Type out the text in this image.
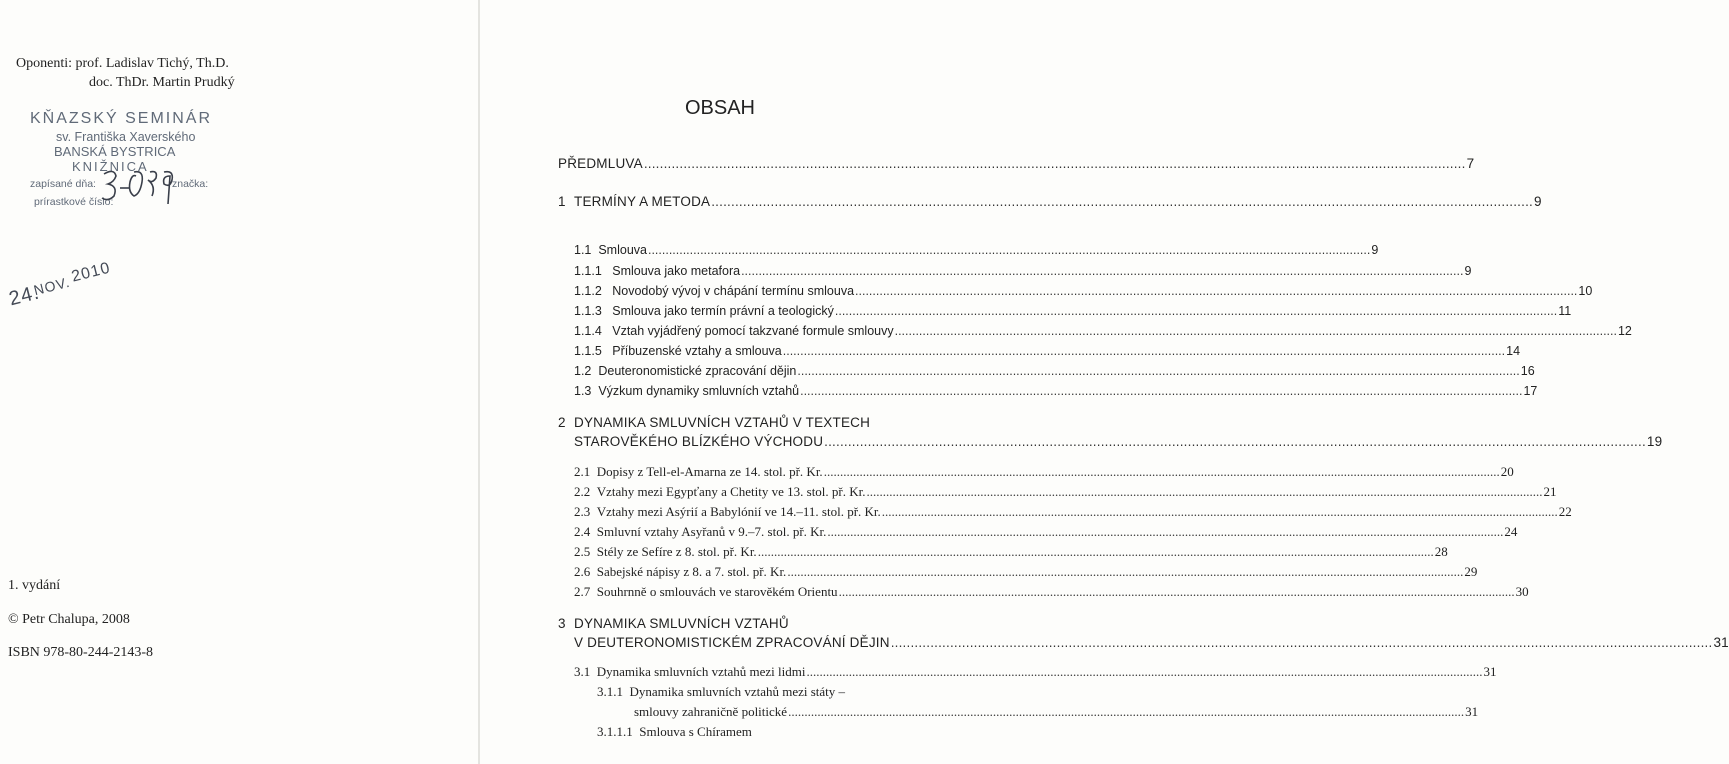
Oponenti: prof. Ladislav Tichý, Th.D.
doc. ThDr. Martin Prudký
KŇAZSKÝ SEMINÁR
sv. Františka Xaverského
BANSKÁ BYSTRICA
KNIŽNICA
zapísané dňa:	značka:
prírastkové číslo:
24.
NOV.
2010
1. vydání
© Petr Chalupa, 2008
ISBN 978-80-244-2143-8
OBSAH
PŘEDMLUVA ................................................................................................................................................................................................................ 7
1 TERMÍNY A METODA ................................................................................................................................................................................................................ 9
1.1 Smlouva ................................................................................................................................................................................................................ 9
1.1.1 Smlouva jako metafora ................................................................................................................................................................................................................ 9
1.1.2 Novodobý vývoj v chápání termínu smlouva ................................................................................................................................................................................................................ 10
1.1.3 Smlouva jako termín právní a teologický ................................................................................................................................................................................................................ 11
1.1.4 Vztah vyjádřený pomocí takzvané formule smlouvy ................................................................................................................................................................................................................ 12
1.1.5 Příbuzenské vztahy a smlouva ................................................................................................................................................................................................................ 14
1.2 Deuteronomistické zpracování dějin ................................................................................................................................................................................................................ 16
1.3 Výzkum dynamiky smluvních vztahů ................................................................................................................................................................................................................ 17
2 DYNAMIKA SMLUVNÍCH VZTAHŮ V TEXTECH
STAROVĚKÉHO BLÍZKÉHO VÝCHODU ................................................................................................................................................................................................................ 19
2.1 Dopisy z Tell-el-Amarna ze 14. stol. př. Kr. ................................................................................................................................................................................................................ 20
2.2 Vztahy mezi Egypťany a Chetity ve 13. stol. př. Kr. ................................................................................................................................................................................................................ 21
2.3 Vztahy mezi Asýrií a Babylónií ve 14.–11. stol. př. Kr. ................................................................................................................................................................................................................ 22
2.4 Smluvní vztahy Asyřanů v 9.–7. stol. př. Kr. ................................................................................................................................................................................................................ 24
2.5 Stély ze Sefíre z 8. stol. př. Kr. ................................................................................................................................................................................................................ 28
2.6 Sabejské nápisy z 8. a 7. stol. př. Kr. ................................................................................................................................................................................................................ 29
2.7 Souhrnně o smlouvách ve starověkém Orientu ................................................................................................................................................................................................................ 30
3 DYNAMIKA SMLUVNÍCH VZTAHŮ
V DEUTERONOMISTICKÉM ZPRACOVÁNÍ DĚJIN ................................................................................................................................................................................................................ 31
3.1 Dynamika smluvních vztahů mezi lidmi ................................................................................................................................................................................................................ 31
3.1.1 Dynamika smluvních vztahů mezi státy –
smlouvy zahraničně politické ................................................................................................................................................................................................................ 31
3.1.1.1 Smlouva s Chíramem
